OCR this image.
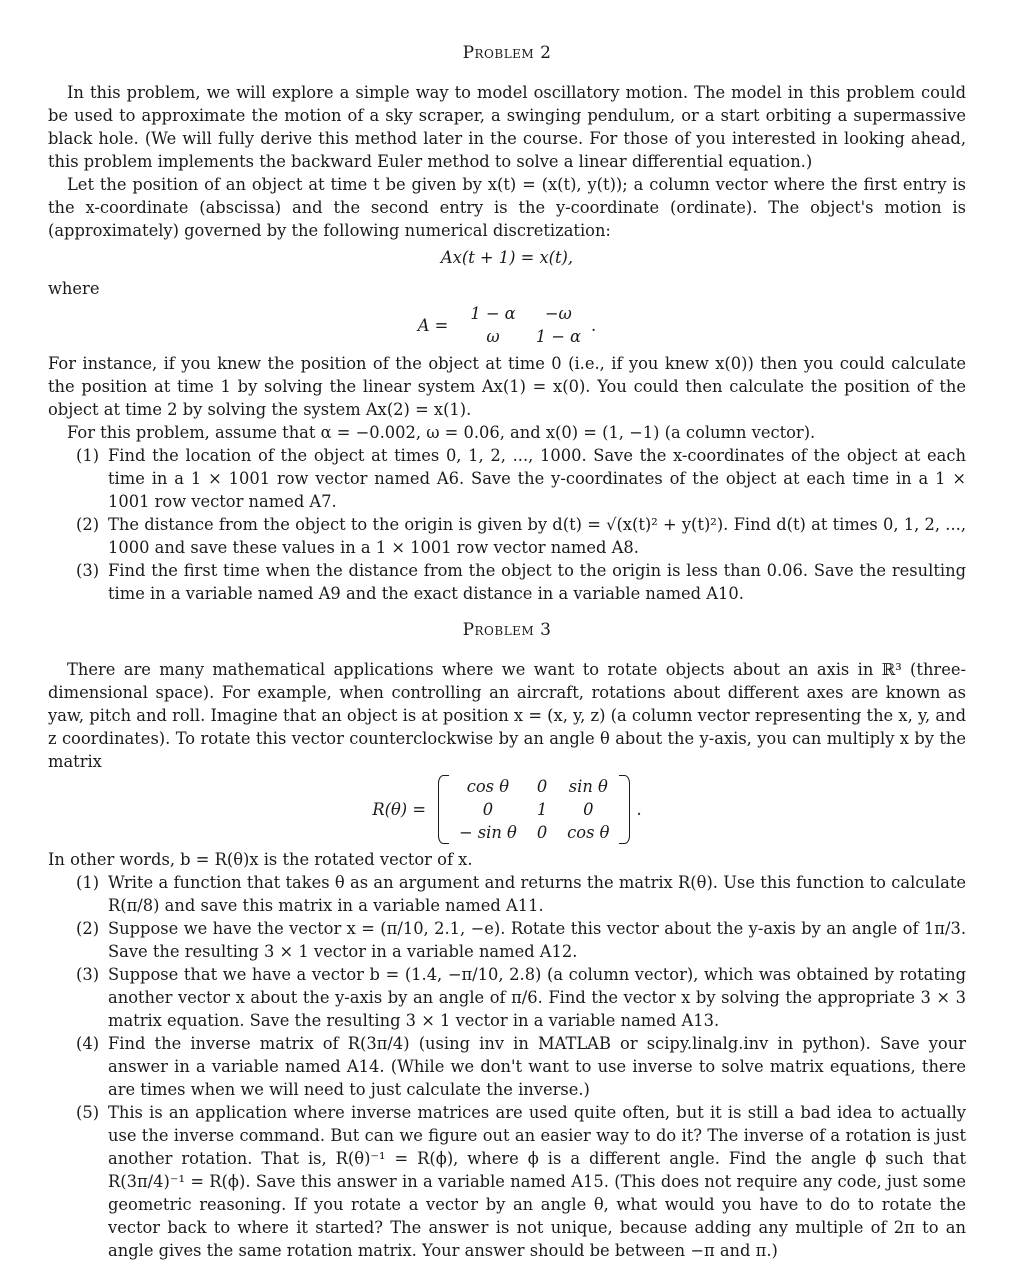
Problem 2

In this problem, we will explore a simple way to model oscillatory motion. The model in this problem could be used to approximate the motion of a sky scraper, a swinging pendulum, or a start orbiting a supermassive black hole. (We will fully derive this method later in the course. For those of you interested in looking ahead, this problem implements the backward Euler method to solve a linear differential equation.)

Let the position of an object at time t be given by x(t) = (x(t), y(t)); a column vector where the first entry is the x-coordinate (abscissa) and the second entry is the y-coordinate (ordinate). The object's motion is (approximately) governed by the following numerical discretization:

Ax(t + 1) = x(t),

where

A =
1 − α	−ω
ω	1 − α
.

For instance, if you knew the position of the object at time 0 (i.e., if you knew x(0)) then you could calculate the position at time 1 by solving the linear system Ax(1) = x(0). You could then calculate the position of the object at time 2 by solving the system Ax(2) = x(1).

For this problem, assume that α = −0.002, ω = 0.06, and x(0) = (1, −1) (a column vector).

(1) Find the location of the object at times 0, 1, 2, ..., 1000. Save the x-coordinates of the object at each time in a 1 × 1001 row vector named A6. Save the y-coordinates of the object at each time in a 1 × 1001 row vector named A7.
(2) The distance from the object to the origin is given by d(t) = √(x(t)² + y(t)²). Find d(t) at times 0, 1, 2, ..., 1000 and save these values in a 1 × 1001 row vector named A8.
(3) Find the first time when the distance from the object to the origin is less than 0.06. Save the resulting time in a variable named A9 and the exact distance in a variable named A10.
Problem 3

There are many mathematical applications where we want to rotate objects about an axis in ℝ³ (three-dimensional space). For example, when controlling an aircraft, rotations about different axes are known as yaw, pitch and roll. Imagine that an object is at position x = (x, y, z) (a column vector representing the x, y, and z coordinates). To rotate this vector counterclockwise by an angle θ about the y-axis, you can multiply x by the matrix

R(θ) =
cos θ	0	sin θ
0	1	0
− sin θ	0	cos θ
.

In other words, b = R(θ)x is the rotated vector of x.

(1) Write a function that takes θ as an argument and returns the matrix R(θ). Use this function to calculate R(π/8) and save this matrix in a variable named A11.
(2) Suppose we have the vector x = (π/10, 2.1, −e). Rotate this vector about the y-axis by an angle of 1π/3. Save the resulting 3 × 1 vector in a variable named A12.
(3) Suppose that we have a vector b = (1.4, −π/10, 2.8) (a column vector), which was obtained by rotating another vector x about the y-axis by an angle of π/6. Find the vector x by solving the appropriate 3 × 3 matrix equation. Save the resulting 3 × 1 vector in a variable named A13.
(4) Find the inverse matrix of R(3π/4) (using inv in MATLAB or scipy.linalg.inv in python). Save your answer in a variable named A14. (While we don't want to use inverse to solve matrix equations, there are times when we will need to just calculate the inverse.)
(5) This is an application where inverse matrices are used quite often, but it is still a bad idea to actually use the inverse command. But can we figure out an easier way to do it? The inverse of a rotation is just another rotation. That is, R(θ)⁻¹ = R(ϕ), where ϕ is a different angle. Find the angle ϕ such that R(3π/4)⁻¹ = R(ϕ). Save this answer in a variable named A15. (This does not require any code, just some geometric reasoning. If you rotate a vector by an angle θ, what would you have to do to rotate the vector back to where it started? The answer is not unique, because adding any multiple of 2π to an angle gives the same rotation matrix. Your answer should be between −π and π.)
